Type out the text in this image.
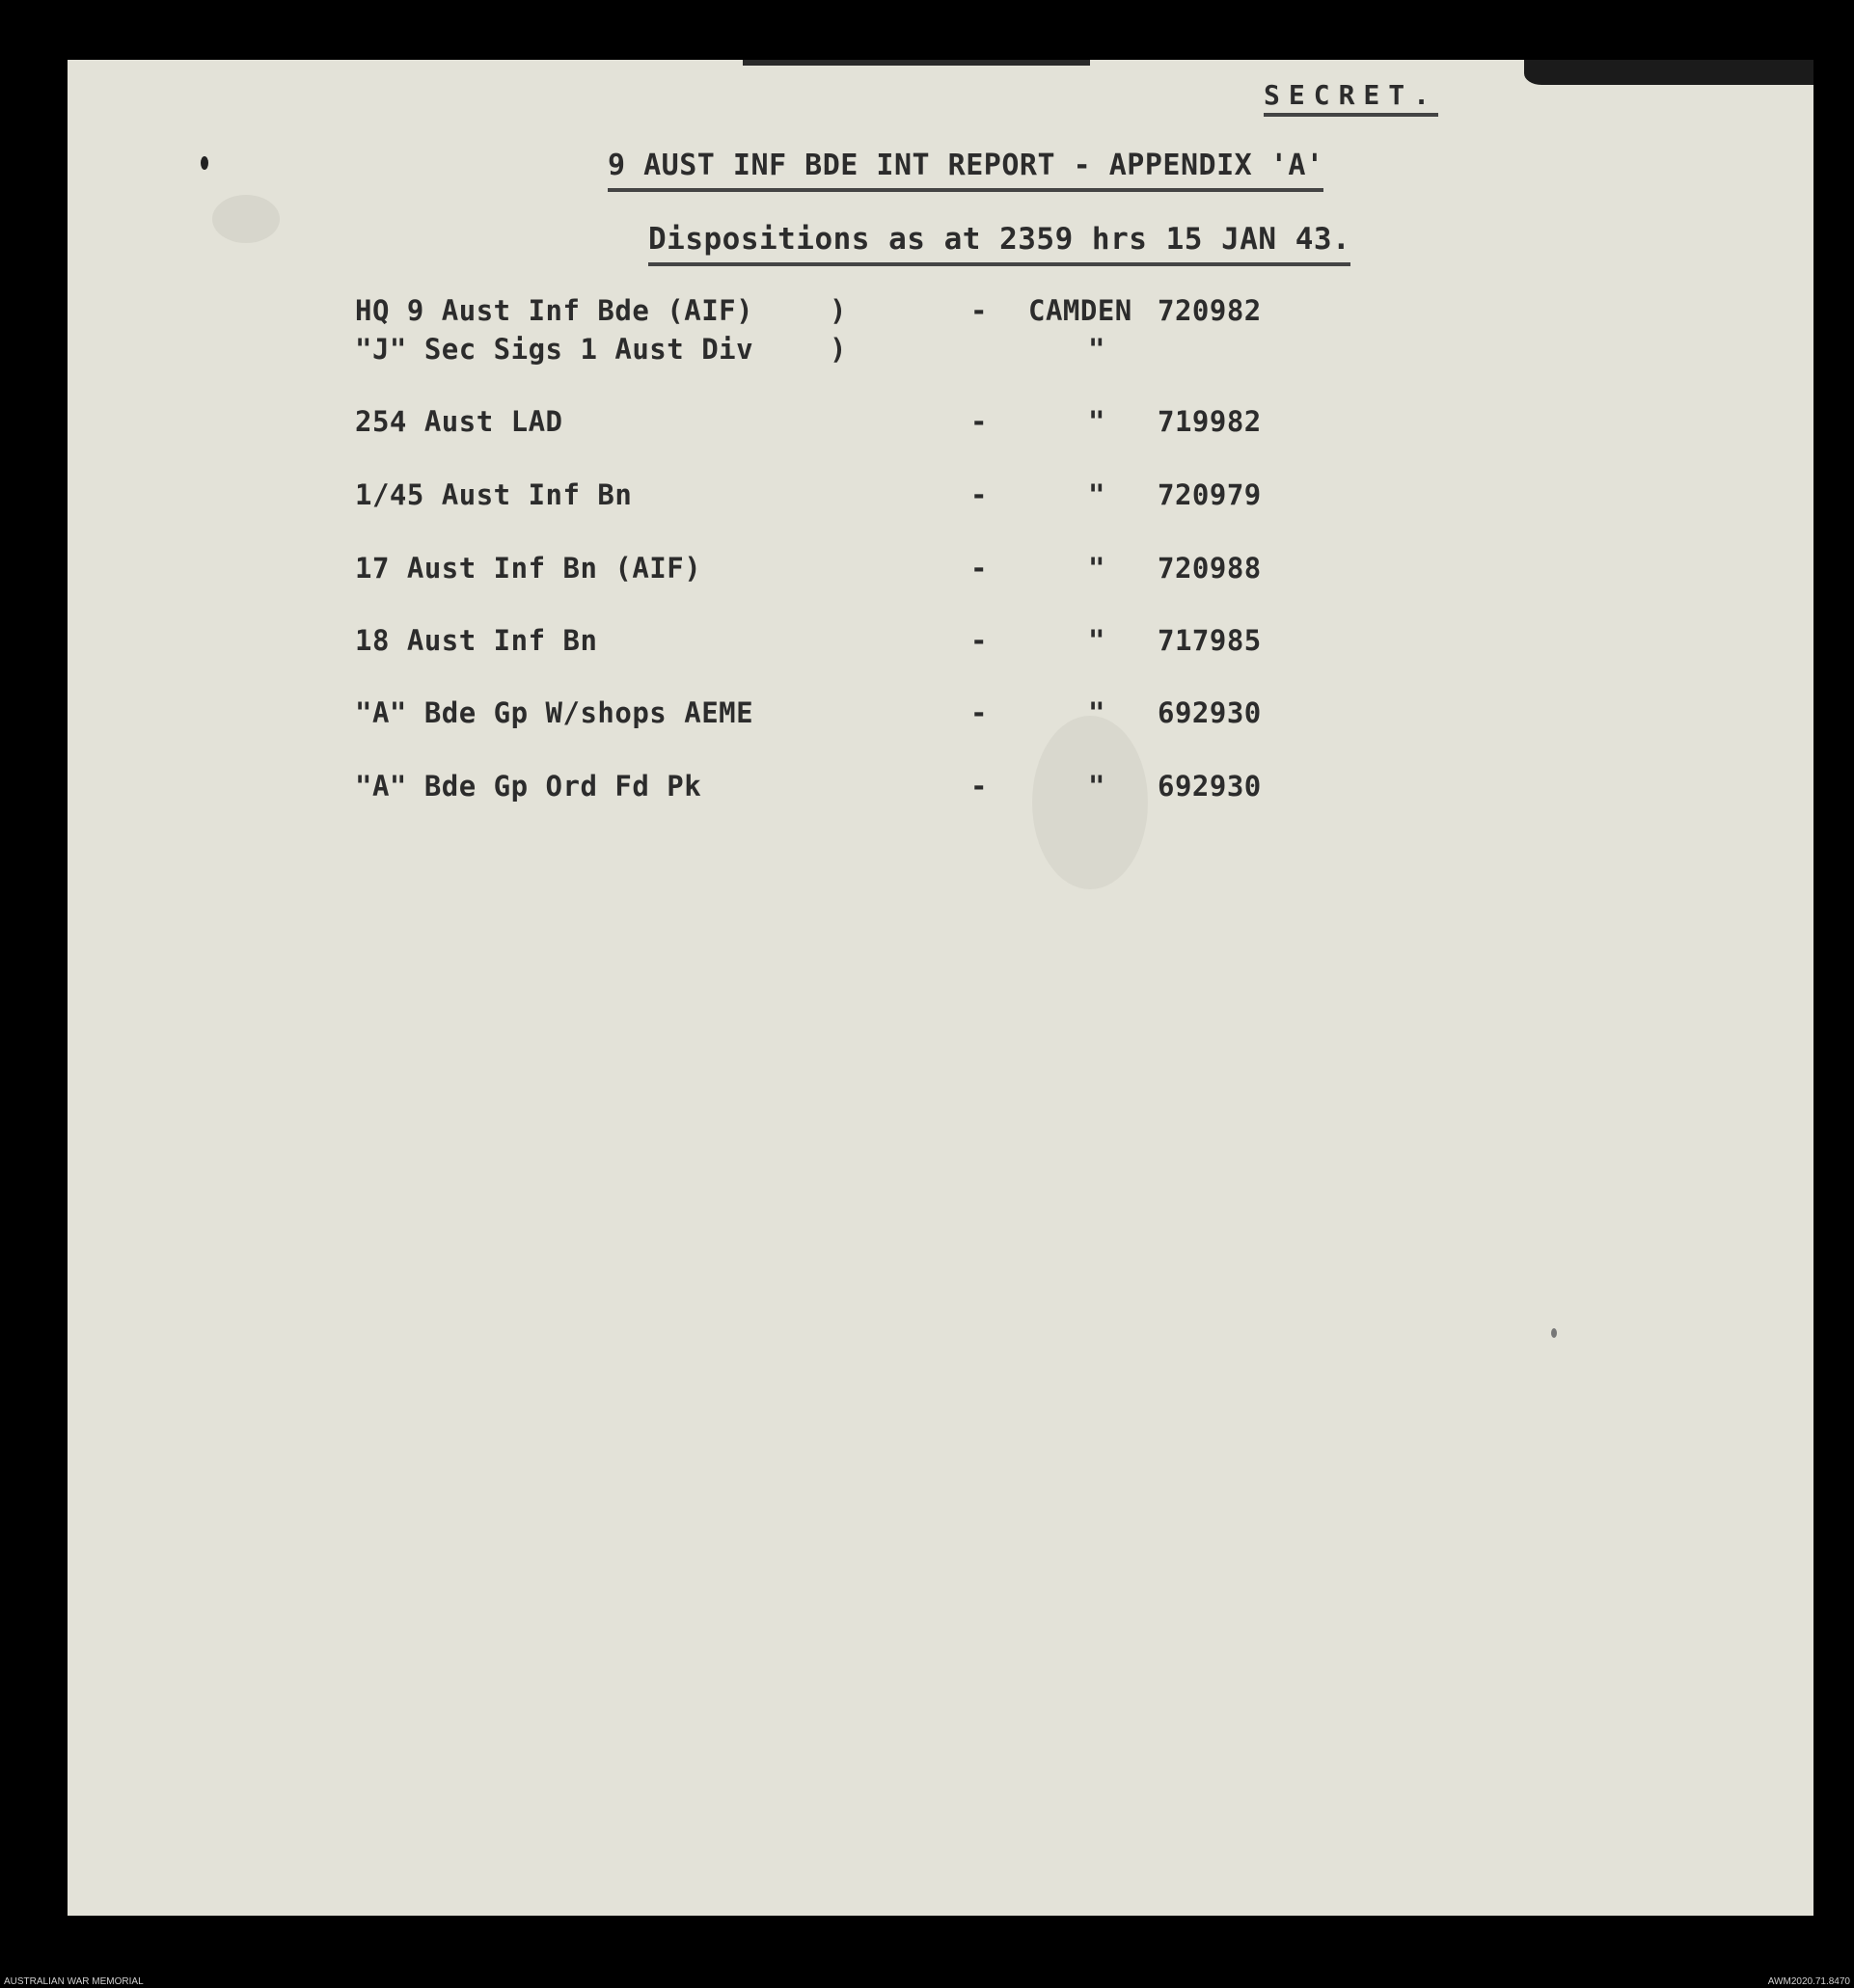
SECRET.
9 AUST INF BDE INT REPORT - APPENDIX 'A'
Dispositions as at 2359 hrs 15 JAN 43.
HQ 9 Aust Inf Bde (AIF)	)	- CAMDEN 720982
"J" Sec Sigs 1 Aust Div	)	"
254 Aust LAD	-	" 719982
1/45 Aust Inf Bn	-	" 720979
17 Aust Inf Bn (AIF)	-	" 720988
18 Aust Inf Bn	-	" 717985
"A" Bde Gp W/shops AEME	-	" 692930
"A" Bde Gp Ord Fd Pk	-	" 692930
AUSTRALIAN WAR MEMORIAL	AWM2020.71.8470
